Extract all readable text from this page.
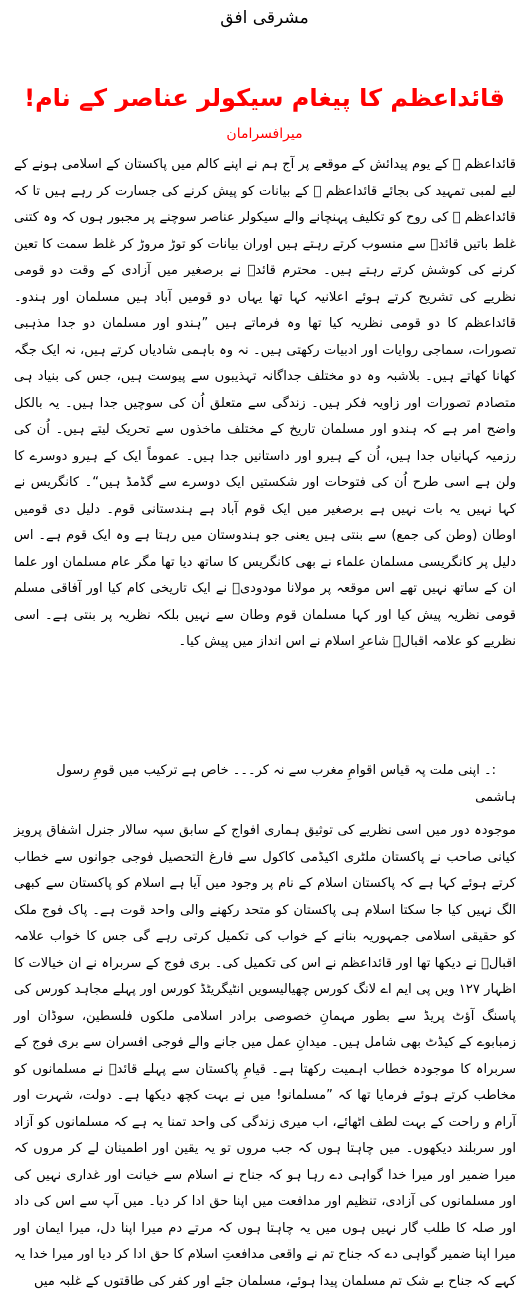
مشرقی افق
قائداعظم کا پیغام سیکولر عناصر کے نام!
میرافسرامان

قائداعظم ؒ کے یوم پیدائش کے موقعے پر آج ہم نے اپنے کالم میں پاکستان کے اسلامی ہونے کے لیے لمبی تمہید کی بجائے قائداعظم ؒ کے بیانات کو پیش کرنے کی جسارت کر رہے ہیں تا کہ قائداعظم ؒ کی روح کو تکلیف پہنچانے والے سیکولر عناصر سوچنے پر مجبور ہوں کہ وہ کتنی غلط باتیں قائدؒ سے منسوب کرتے رہتے ہیں اوران بیانات کو توڑ مروڑ کر غلط سمت کا تعین کرنے کی کوشش کرتے رہتے ہیں۔ محترم قائدؒ نے برصغیر میں آزادی کے وقت دو قومی نظریے کی تشریح کرتے ہوئے اعلانیہ کہا تھا یہاں دو قومیں آباد ہیں مسلمان اور ہندو۔ قائداعظم کا دو قومی نظریہ کیا تھا وہ فرماتے ہیں ”ہندو اور مسلمان دو جدا مذہبی تصورات، سماجی روایات اور ادبیات رکھتی ہیں۔ نہ وہ باہمی شادیاں کرتے ہیں، نہ ایک جگہ کھانا کھاتے ہیں۔ بلاشبہ وہ دو مختلف جداگانہ تہذیبوں سے پیوست ہیں، جس کی بنیاد ہی متصادم تصورات اور زاویہ فکر ہیں۔ زندگی سے متعلق اُن کی سوچیں جدا ہیں۔ یہ بالکل واضح امر ہے کہ ہندو اور مسلمان تاریخ کے مختلف ماخذوں سے تحریک لیتے ہیں۔ اُن کی رزمیہ کہانیاں جدا ہیں، اُن کے ہیرو اور داستانیں جدا ہیں۔ عموماً ایک کے ہیرو دوسرے کا ولن ہے اسی طرح اُن کی فتوحات اور شکستیں ایک دوسرے سے گڈمڈ ہیں“۔ کانگریس نے کہا نہیں یہ بات نہیں ہے برصغیر میں ایک قوم آباد ہے ہندستانی قوم۔ دلیل دی قومیں اوطان (وطن کی جمع) سے بنتی ہیں یعنی جو ہندوستان میں رہتا ہے وہ ایک قوم ہے۔ اس دلیل پر کانگریسی مسلمان علماء نے بھی کانگریس کا ساتھ دیا تھا مگر عام مسلمان اور علما ان کے ساتھ نہیں تھے اس موقعہ پر مولانا مودودیؒ نے ایک تاریخی کام کیا اور آفاقی مسلم قومی نظریہ پیش کیا اور کہا مسلمان قوم وطان سے نہیں بلکہ نظریہ پر بنتی ہے۔ اسی نظریے کو علامہ اقبالؒ شاعرِ اسلام نے اس انداز میں پیش کیا۔

:۔ اپنی ملت پہ قیاس اقوامِ مغرب سے نہ کر۔۔۔ خاص ہے ترکیب میں قومِ رسول
ہاشمی

موجودہ دور میں اسی نظریے کی توثیق ہماری افواج کے سابق سپہ سالار جنرل اشفاق پرویز کیانی صاحب نے پاکستان ملٹری اکیڈمی کاکول سے فارغ التحصیل فوجی جوانوں سے خطاب کرتے ہوئے کہا ہے کہ پاکستان اسلام کے نام پر وجود میں آیا ہے اسلام کو پاکستان سے کبھی الگ نہیں کیا جا سکتا اسلام ہی پاکستان کو متحد رکھنے والی واحد قوت ہے۔ پاک فوج ملک کو حقیقی اسلامی جمہوریہ بنانے کے خواب کی تکمیل کرتی رہے گی جس کا خواب علامہ اقبالؒ نے دیکھا تھا اور قائداعظم نے اس کی تکمیل کی۔ بری فوج کے سربراہ نے ان خیالات کا اظہار ۱۲۷ ویں پی ایم اے لانگ کورس چھیالیسویں انٹیگریٹڈ کورس اور پہلے مجاہد کورس کی پاسنگ آؤٹ پریڈ سے بطور مہمانِ خصوصی برادر اسلامی ملکوں فلسطین، سوڈان اور زمبابوے کے کیڈٹ بھی شامل ہیں۔ میدانِ عمل میں جانے والے فوجی افسران سے بری فوج کے سربراہ کا موجودہ خطاب اہمیت رکھتا ہے۔ قیامِ پاکستان سے پہلے قائدؒ نے مسلمانوں کو مخاطب کرتے ہوئے فرمایا تھا کہ ”مسلمانو! میں نے بہت کچھ دیکھا ہے۔ دولت، شہرت اور آرام و راحت کے بہت لطف اٹھائے، اب میری زندگی کی واحد تمنا یہ ہے کہ مسلمانوں کو آزاد اور سربلند دیکھوں۔ میں چاہتا ہوں کہ جب مروں تو یہ یقین اور اطمینان لے کر مروں کہ میرا ضمیر اور میرا خدا گواہی دے رہا ہو کہ جناح نے اسلام سے خیانت اور غداری نہیں کی اور مسلمانوں کی آزادی، تنظیم اور مدافعت میں اپنا حق ادا کر دیا۔ میں آپ سے اس کی داد اور صلہ کا طلب گار نہیں ہوں میں یہ چاہتا ہوں کہ مرتے دم میرا اپنا دل، میرا ایمان اور میرا اپنا ضمیر گواہی دے کہ جناح تم نے واقعی مدافعتِ اسلام کا حق ادا کر دیا اور میرا خدا یہ کہے کہ جناح بے شک تم مسلمان پیدا ہوئے، مسلمان جئے اور کفر کی طاقتوں کے غلبہ میں
